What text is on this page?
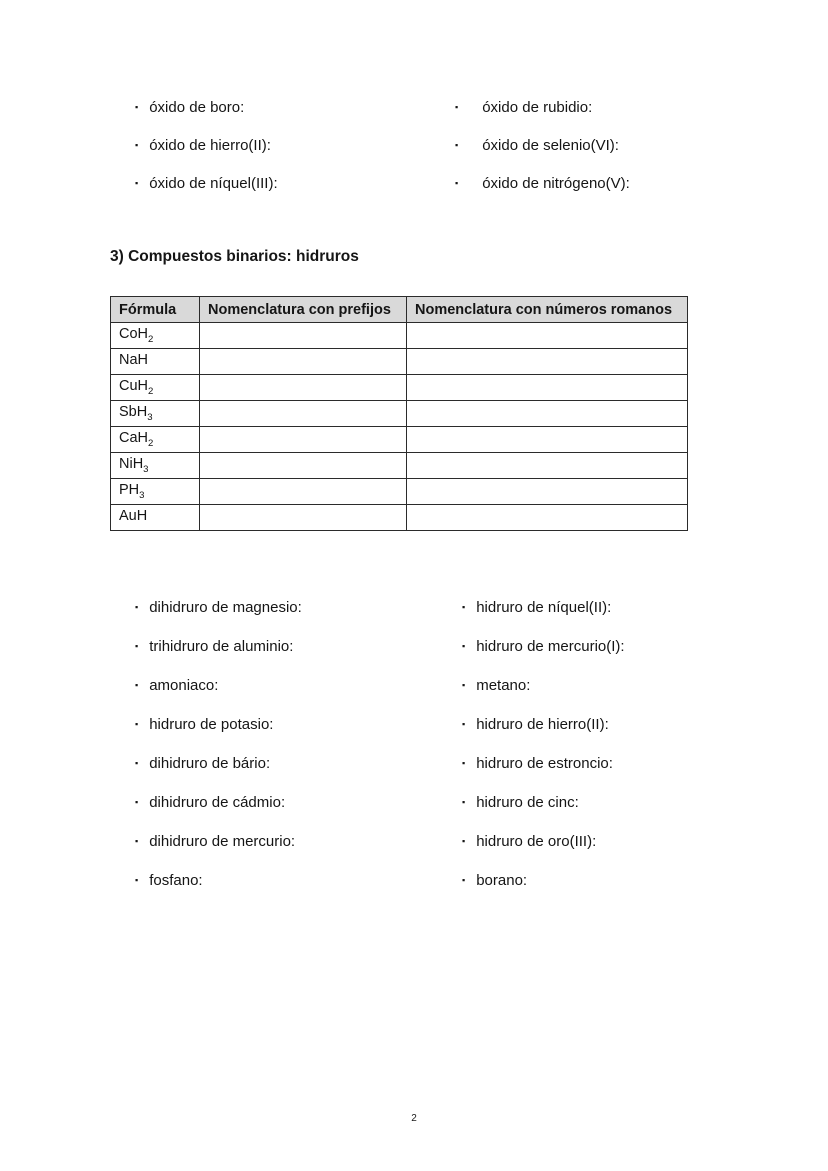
▪ óxido de boro:
▪ óxido de hierro(II):
▪ óxido de níquel(III):
▪ óxido de rubidio:
▪ óxido de selenio(VI):
▪ óxido de nitrógeno(V):
3) Compuestos binarios: hidruros
Fórmula	Nomenclatura con prefijos	Nomenclatura con números romanos
CoH$_2$		
NaH		
CuH$_2$		
SbH$_3$		
CaH$_2$		
NiH$_3$		
$PH_3$		
AuH		
▪ dihidruro de magnesio:
▪ trihidruro de aluminio:
▪ amoniaco:
▪ hidruro de potasio:
▪ dihidruro de bário:
▪ dihidruro de cádmio:
▪ dihidruro de mercurio:
▪ fosfano:
▪ hidruro de níquel(II):
▪ hidruro de mercurio(I):
▪ metano:
▪ hidruro de hierro(II):
▪ hidruro de estroncio:
▪ hidruro de cinc:
▪ hidruro de oro(III):
▪ borano:
2
